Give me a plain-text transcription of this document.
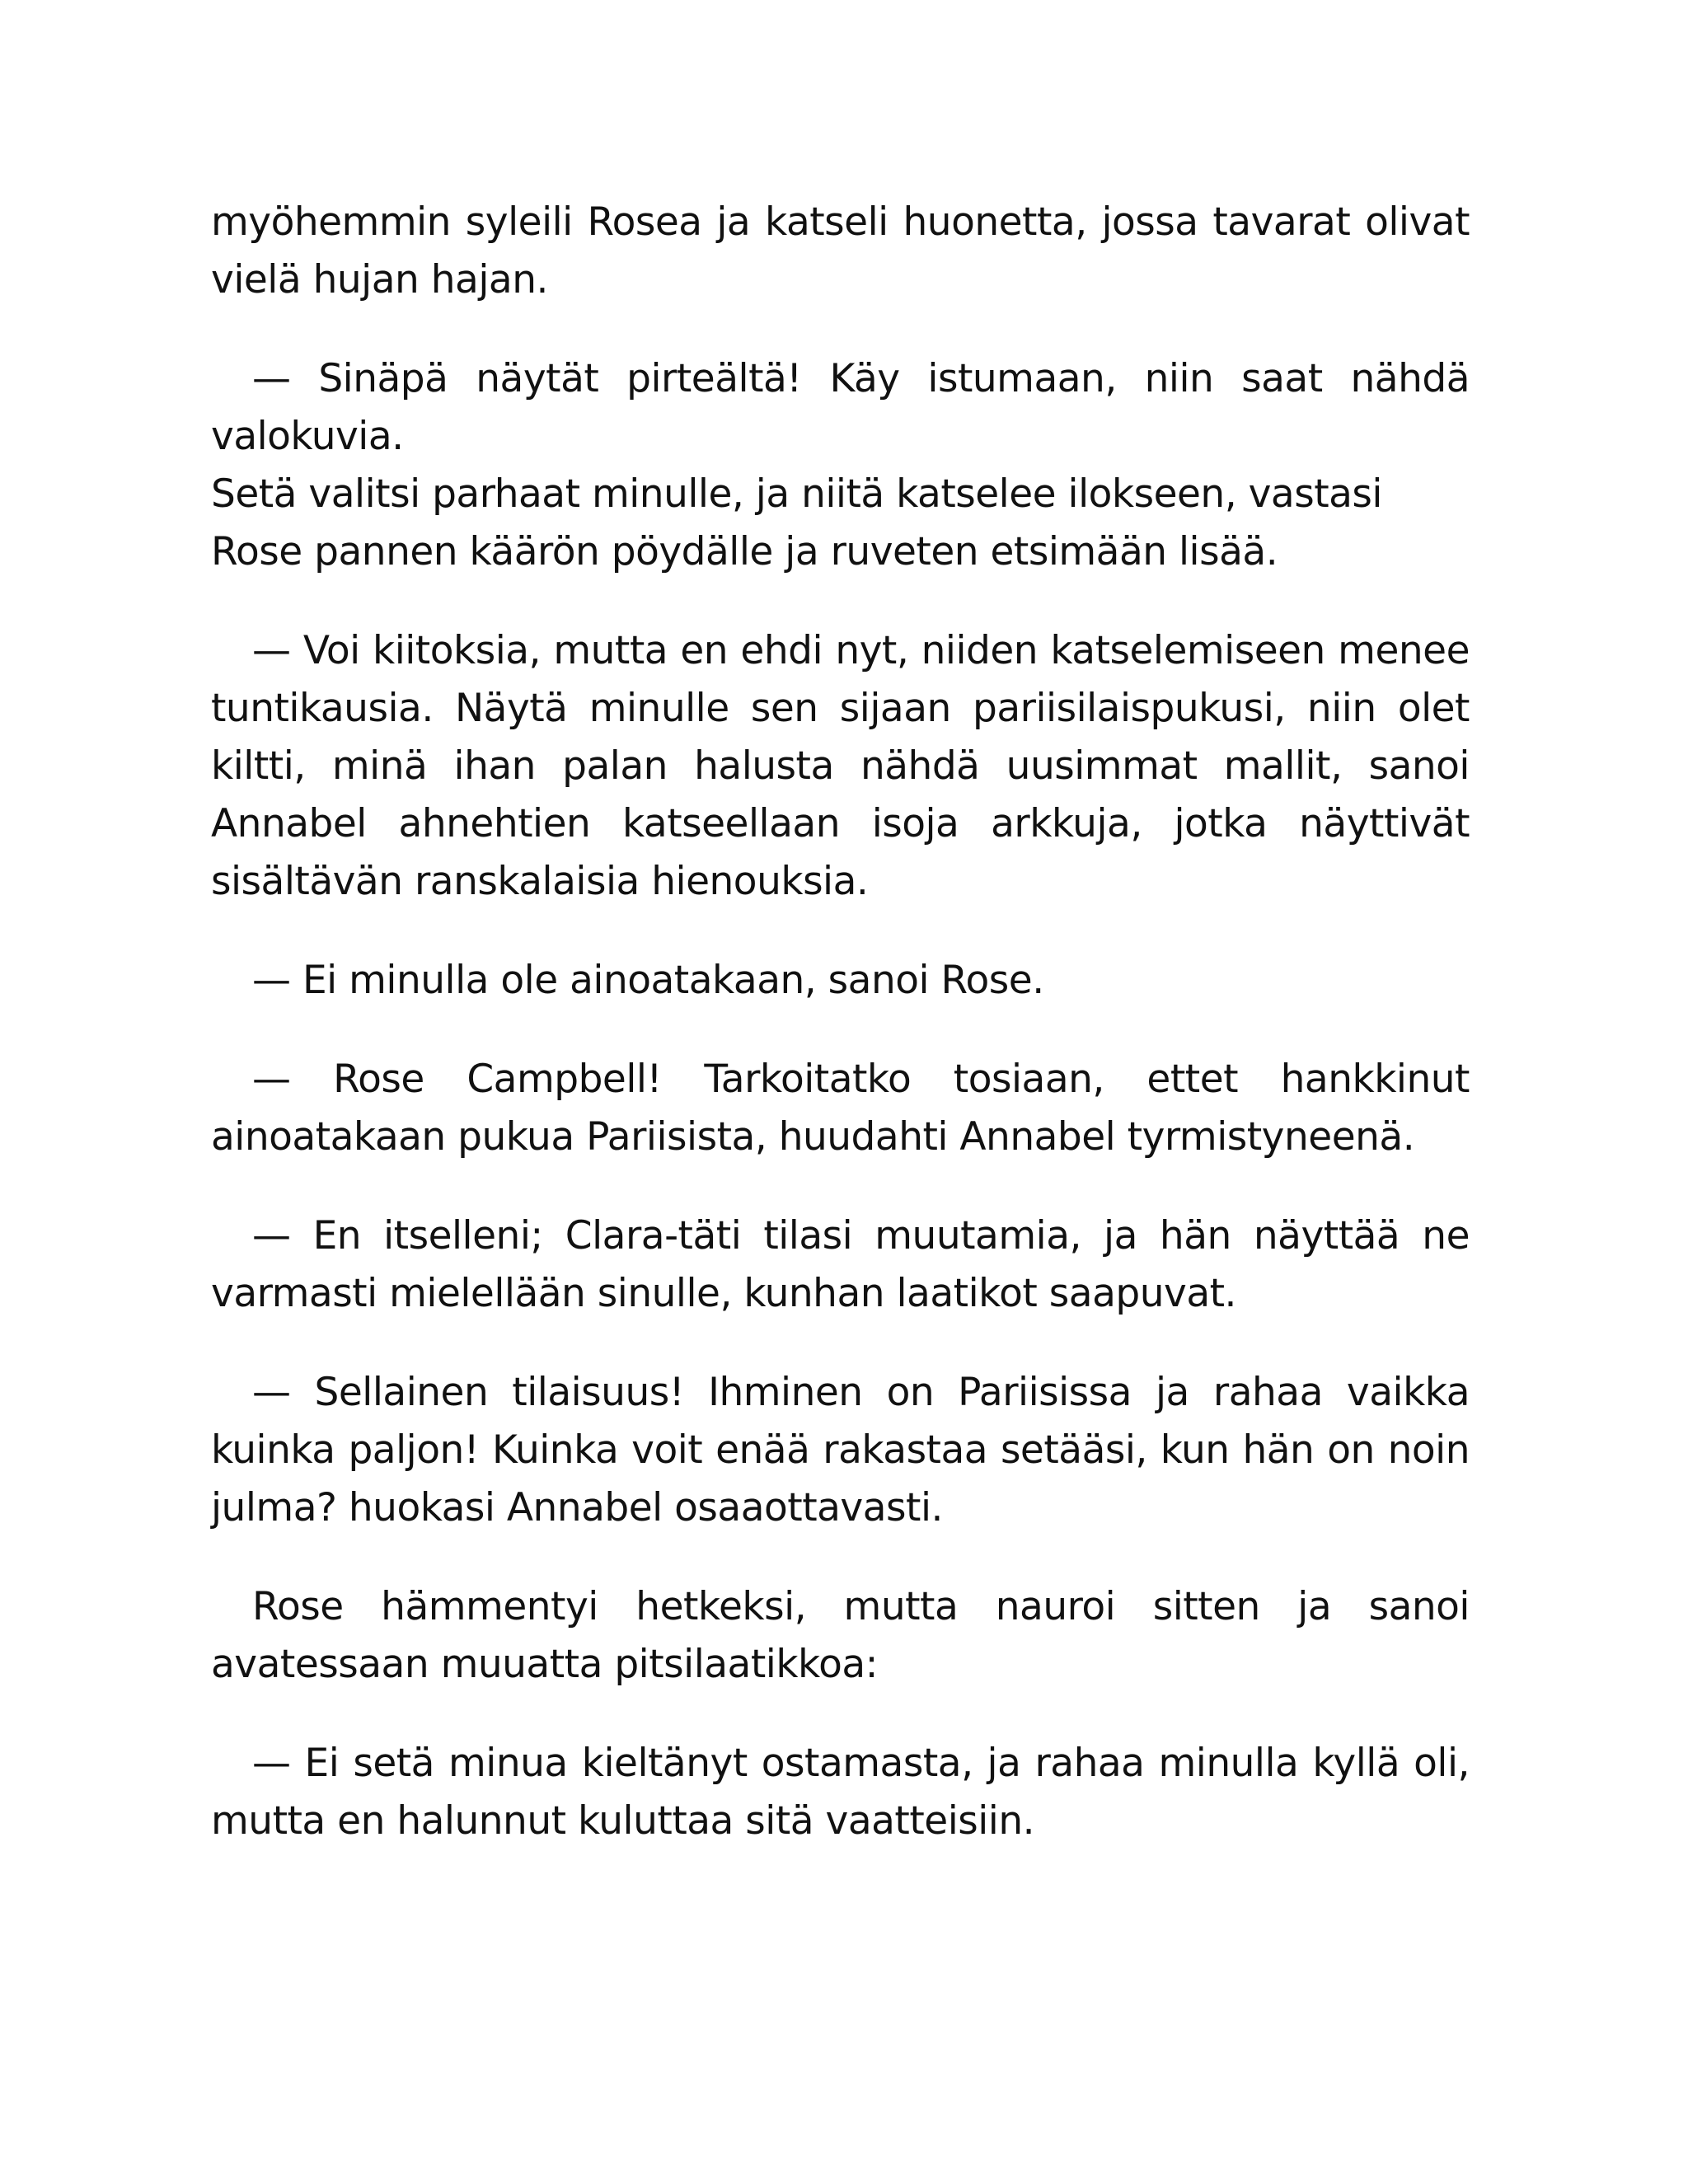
myöhemmin syleili Rosea ja katseli huonetta, jossa tavarat olivat vielä hujan hajan.

— Sinäpä näytät pirteältä! Käy istumaan, niin saat nähdä valokuvia.

Setä valitsi parhaat minulle, ja niitä katselee ilokseen, vastasi

Rose pannen käärön pöydälle ja ruveten etsimään lisää.

— Voi kiitoksia, mutta en ehdi nyt, niiden katselemiseen menee tuntikausia. Näytä minulle sen sijaan pariisilaispukusi, niin olet kiltti, minä ihan palan halusta nähdä uusimmat mallit, sanoi Annabel ahnehtien katseellaan isoja arkkuja, jotka näyttivät sisältävän ranskalaisia hienouksia.

— Ei minulla ole ainoatakaan, sanoi Rose.

— Rose Campbell! Tarkoitatko tosiaan, ettet hankkinut ainoatakaan pukua Pariisista, huudahti Annabel tyrmistyneenä.

— En itselleni; Clara-täti tilasi muutamia, ja hän näyttää ne varmasti mielellään sinulle, kunhan laatikot saapuvat.

— Sellainen tilaisuus! Ihminen on Pariisissa ja rahaa vaikka kuinka paljon! Kuinka voit enää rakastaa setääsi, kun hän on noin julma? huokasi Annabel osaaottavasti.

Rose hämmentyi hetkeksi, mutta nauroi sitten ja sanoi avatessaan muuatta pitsilaatikkoa:

— Ei setä minua kieltänyt ostamasta, ja rahaa minulla kyllä oli, mutta en halunnut kuluttaa sitä vaatteisiin.
